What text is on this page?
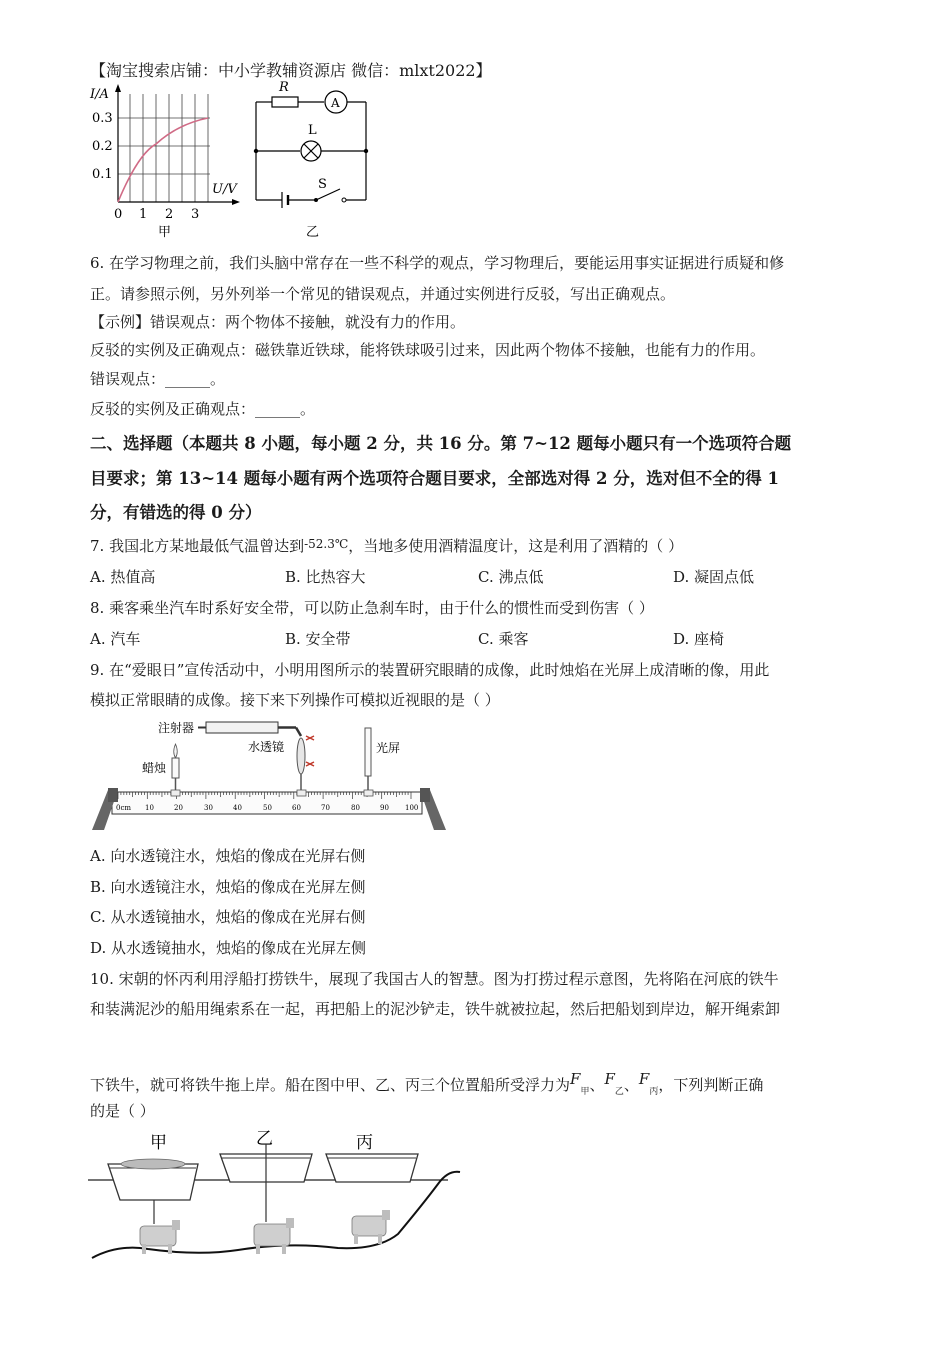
【淘宝搜索店铺：中小学教辅资源店 微信：mlxt2022】
I/A
0.3
0.2
0.1
0 1 2 3
U/V
甲
R
A
L
S
乙
6. 在学习物理之前，我们头脑中常存在一些不科学的观点，学习物理后，要能运用事实证据进行质疑和修
正。请参照示例，另外列举一个常见的错误观点，并通过实例进行反驳，写出正确观点。
【示例】错误观点：两个物体不接触，就没有力的作用。
反驳的实例及正确观点：磁铁靠近铁球，能将铁球吸引过来，因此两个物体不接触，也能有力的作用。
错误观点：______。
反驳的实例及正确观点：______。
二、选择题（本题共 8 小题，每小题 2 分，共 16 分。第 7~12 题每小题只有一个选项符合题
目要求；第 13~14 题每小题有两个选项符合题目要求，全部选对得 2 分，选对但不全的得 1
分，有错选的得 0 分）
7. 我国北方某地最低气温曾达到$^{-52.3℃}$，当地多使用酒精温度计，这是利用了酒精的（ ）
A. 热值高	B. 比热容大	C. 沸点低	D. 凝固点低
8. 乘客乘坐汽车时系好安全带，可以防止急刹车时，由于什么的惯性而受到伤害（ ）
A. 汽车	B. 安全带	C. 乘客	D. 座椅
9. 在“爱眼日”宣传活动中，小明用图所示的装置研究眼睛的成像，此时烛焰在光屏上成清晰的像，用此
模拟正常眼睛的成像。接下来下列操作可模拟近视眼的是（ ）
注射器
水透镜
蜡烛
光屏
0cm 10	20	30	40	50	60	70	80	90 100
A. 向水透镜注水，烛焰的像成在光屏右侧
B. 向水透镜注水，烛焰的像成在光屏左侧
C. 从水透镜抽水，烛焰的像成在光屏右侧
D. 从水透镜抽水，烛焰的像成在光屏左侧
10. 宋朝的怀丙利用浮船打捞铁牛，展现了我国古人的智慧。图为打捞过程示意图，先将陷在河底的铁牛
和装满泥沙的船用绳索系在一起，再把船上的泥沙铲走，铁牛就被拉起，然后把船划到岸边，解开绳索卸
下铁牛，就可将铁牛拖上岸。船在图中甲、乙、丙三个位置船所受浮力为$F_甲$、$F_乙$、$F_丙$，下列判断正确
的是（ ）
甲	乙	丙
